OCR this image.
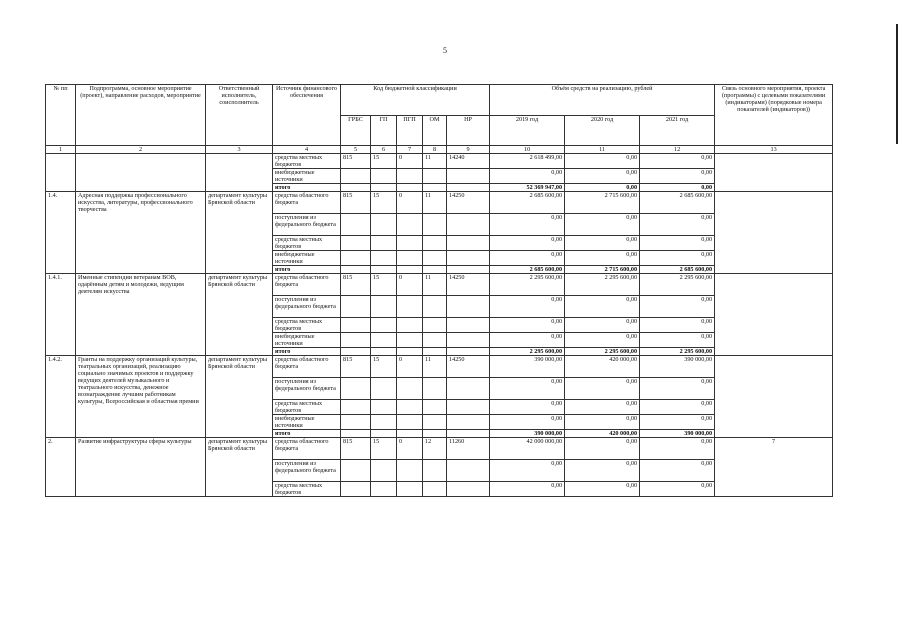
5
№ пп	Подпрограмма, основное мероприятие (проект), направление расходов, мероприятие	Ответственный исполнитель, соисполнитель	Источник финансового обеспечения	Код бюджетной классификации					Объём средств на реализацию, рублей			Связь основного мероприятия, проекта (программы) с целевыми показателями (индикаторами) (порядковые номера показателей (индикаторов))
				ГРБС	ГП	ПГП	ОМ	НР	2019 год	2020 год	2021 год	
1	2	3	4	5	6	7	8	9	10	11	12	13
			средства местных бюджетов	815	15	0	11	14240	2 618 499,00	0,00	0,00	
			внебюджетные источники						0,00	0,00	0,00	
			итого						52 369 947,00	0,00	0,00	
1.4.	Адресная поддержка профессионального искусства, литературы, профессионального творчества	департамент культуры Брянской области	средства областного бюджета	815	15	0	11	14250	2 685 600,00	2 715 600,00	2 685 600,00	
			поступления из федерального бюджета						0,00	0,00	0,00	
			средства местных бюджетов						0,00	0,00	0,00	
			внебюджетные источники						0,00	0,00	0,00	
			итого						2 685 600,00	2 715 600,00	2 685 600,00	
1.4.1.	Именные стипендии ветеранам ВОВ, одарённым детям и молодежи, ведущим деятелям искусства	департамент культуры Брянской области	средства областного бюджета	815	15	0	11	14250	2 295 600,00	2 295 600,00	2 295 600,00	
			поступления из федерального бюджета						0,00	0,00	0,00	
			средства местных бюджетов						0,00	0,00	0,00	
			внебюджетные источники						0,00	0,00	0,00	
			итого						2 295 600,00	2 295 600,00	2 295 600,00	
1.4.2.	Гранты на поддержку организаций культуры, театральных организаций, реализацию социально значимых проектов и поддержку ведущих деятелей музыкального и театрального искусства, денежное вознаграждение лучшим работникам культуры, Всероссийская и областная премии	департамент культуры Брянской области	средства областного бюджета	815	15	0	11	14250	390 000,00	420 000,00	390 000,00	
			поступления из федерального бюджета						0,00	0,00	0,00	
			средства местных бюджетов						0,00	0,00	0,00	
			внебюджетные источники						0,00	0,00	0,00	
			итого						390 000,00	420 000,00	390 000,00	
2.	Развитие инфраструктуры сферы культуры	департамент культуры Брянской области	средства областного бюджета	815	15	0	12	11260	42 000 000,00	0,00	0,00	7
			поступления из федерального бюджета						0,00	0,00	0,00	
			средства местных бюджетов						0,00	0,00	0,00	
